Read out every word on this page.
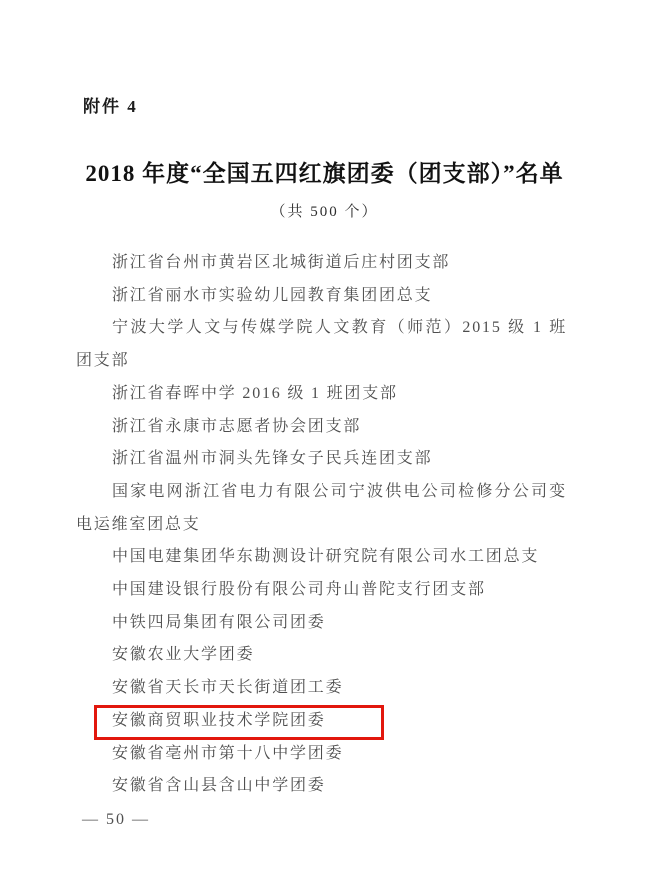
附件 4
2018 年度“全国五四红旗团委（团支部）”名单
（共 500 个）
浙江省台州市黄岩区北城街道后庄村团支部
浙江省丽水市实验幼儿园教育集团团总支
宁波大学人文与传媒学院人文教育（师范）2015 级 1 班团支部
浙江省春晖中学 2016 级 1 班团支部
浙江省永康市志愿者协会团支部
浙江省温州市洞头先锋女子民兵连团支部
国家电网浙江省电力有限公司宁波供电公司检修分公司变电运维室团总支
中国电建集团华东勘测设计研究院有限公司水工团总支
中国建设银行股份有限公司舟山普陀支行团支部
中铁四局集团有限公司团委
安徽农业大学团委
安徽省天长市天长街道团工委
安徽商贸职业技术学院团委
安徽省亳州市第十八中学团委
安徽省含山县含山中学团委
— 50 —
